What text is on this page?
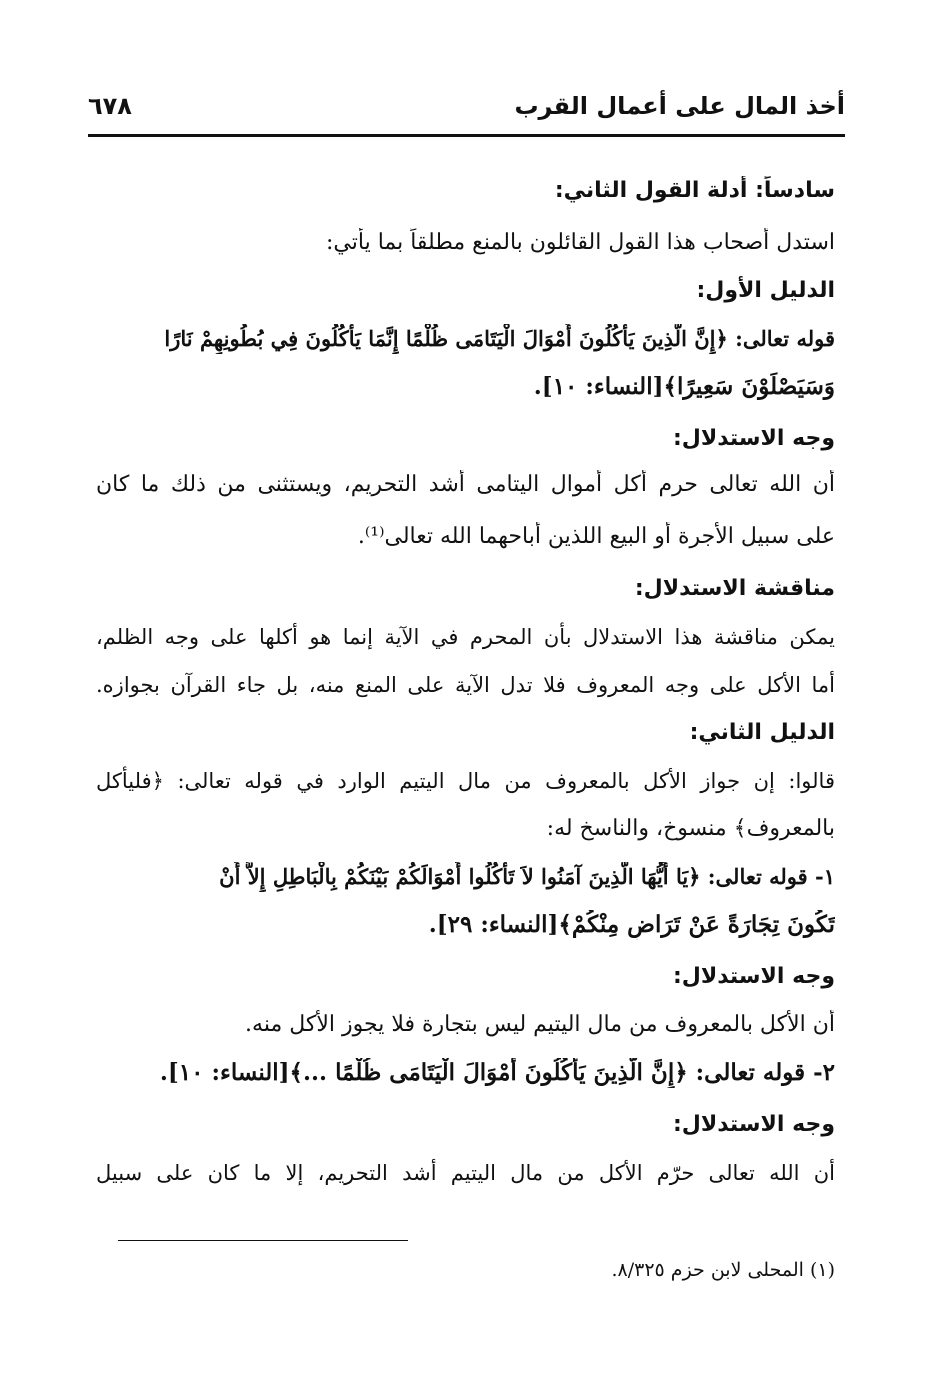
أخذ المال على أعمال القرب
٦٧٨
سادساً: أدلة القول الثاني:
استدل أصحاب هذا القول القائلون بالمنع مطلقاً بما يأتي:
الدليل الأول:
قوله تعالى: ﴿إِنَّ الَّذِينَ يَأْكُلُونَ أَمْوَالَ الْيَتَامَى ظُلْمًا إِنَّمَا يَأْكُلُونَ فِي بُطُونِهِمْ نَارًا
وَسَيَصْلَوْنَ سَعِيرًا﴾[النساء: ١٠].
وجه الاستدلال:
أن الله تعالى حرم أكل أموال اليتامى أشد التحريم، ويستثنى من ذلك ما كان
على سبيل الأجرة أو البيع اللذين أباحهما الله تعالى⁽¹⁾.
مناقشة الاستدلال:
يمكن مناقشة هذا الاستدلال بأن المحرم في الآية إنما هو أكلها على وجه الظلم،
أما الأكل على وجه المعروف فلا تدل الآية على المنع منه، بل جاء القرآن بجوازه.
الدليل الثاني:
قالوا: إن جواز الأكل بالمعروف من مال اليتيم الوارد في قوله تعالى: ﴿فليأكل
بالمعروف﴾ منسوخ، والناسخ له:
١- قوله تعالى: ﴿يَا أَيُّهَا الَّذِينَ آمَنُوا لاَ تَأْكُلُوا أَمْوَالَكُمْ بَيْنَكُمْ بِالْبَاطِلِ إِلاَّ أَنْ
تَكُونَ تِجَارَةً عَنْ تَرَاضٍ مِنْكُمْ﴾[النساء: ٢٩].
وجه الاستدلال:
أن الأكل بالمعروف من مال اليتيم ليس بتجارة فلا يجوز الأكل منه.
٢- قوله تعالى: ﴿إِنَّ الَّذِينَ يَأْكُلُونَ أَمْوَالَ الْيَتَامَى ظُلْمًا ...﴾[النساء: ١٠].
وجه الاستدلال:
أن الله تعالى حرّم الأكل من مال اليتيم أشد التحريم، إلا ما كان على سبيل
(١) المحلى لابن حزم ٨/٣٢٥.
